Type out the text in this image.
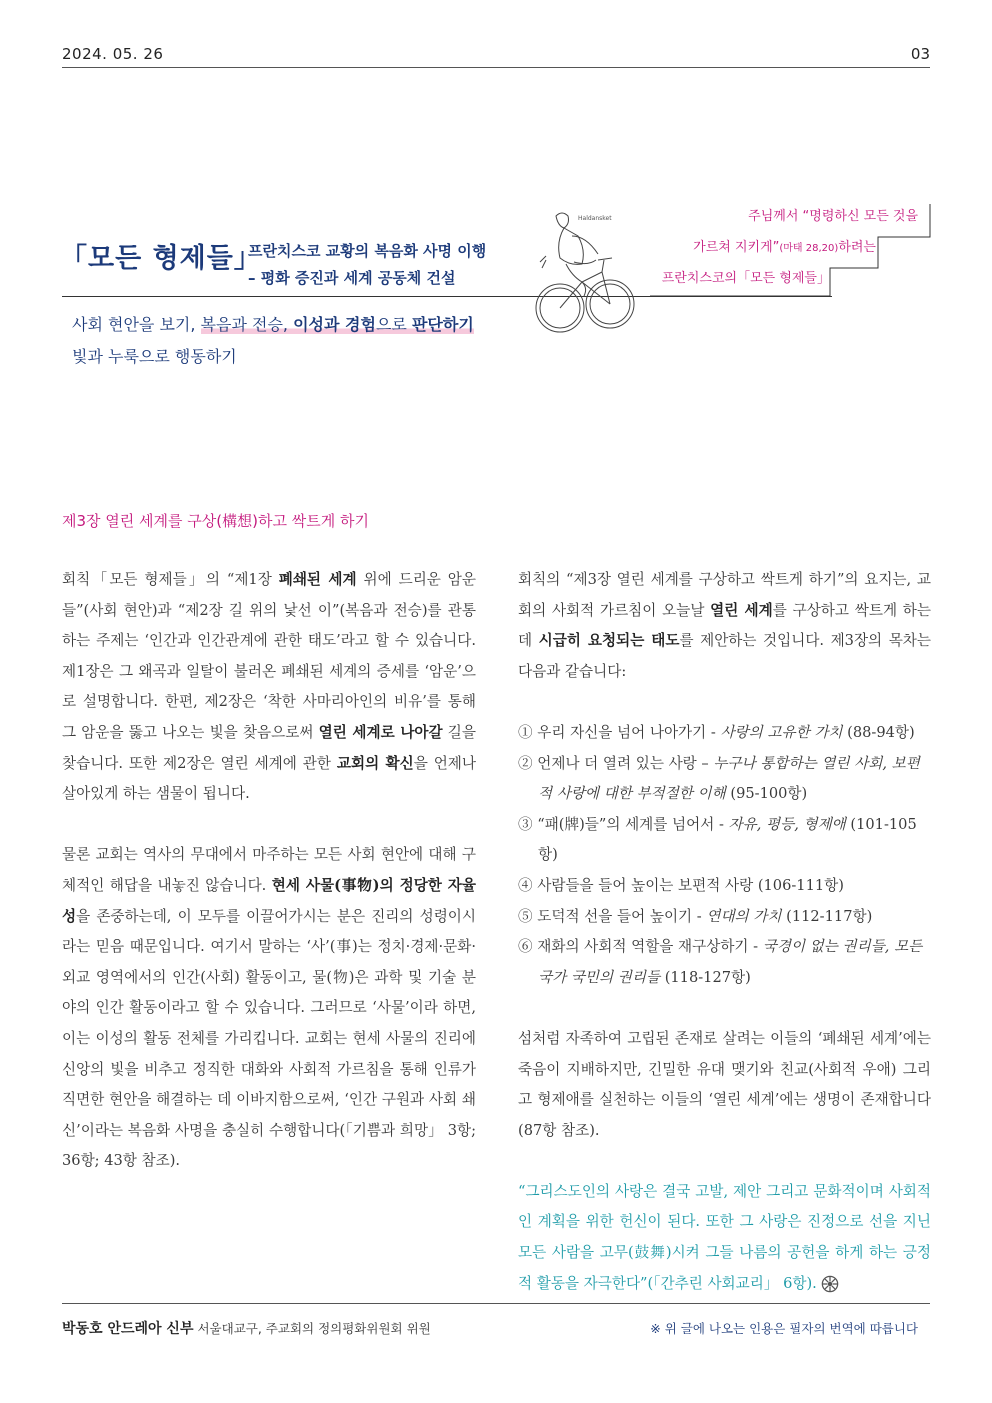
2024. 05. 26	03
「모든 형제들」
프란치스코 교황의 복음화 사명 이행
– 평화 증진과 세계 공동체 건설
사회 현안을 보기, 복음과 전승, 이성과 경험으로 판단하기
빛과 누룩으로 행동하기
주님께서 “명령하신 모든 것을
가르쳐 지키게”(마태 28,20)하려는
프란치스코의「모든 형제들」
Haldansket
제3장 열린 세계를 구상(構想)하고 싹트게 하기

회칙「모든 형제들」의 “제1장 폐쇄된 세계 위에 드리운 암운들”(사회 현안)과 “제2장 길 위의 낯선 이”(복음과 전승)를 관통하는 주제는 ‘인간과 인간관계에 관한 태도’라고 할 수 있습니다. 제1장은 그 왜곡과 일탈이 불러온 폐쇄된 세계의 증세를 ‘암운’으로 설명합니다. 한편, 제2장은 ‘착한 사마리아인의 비유’를 통해 그 암운을 뚫고 나오는 빛을 찾음으로써 열린 세계로 나아갈 길을 찾습니다. 또한 제2장은 열린 세계에 관한 교회의 확신을 언제나 살아있게 하는 샘물이 됩니다.

물론 교회는 역사의 무대에서 마주하는 모든 사회 현안에 대해 구체적인 해답을 내놓진 않습니다. 현세 사물(事物)의 정당한 자율성을 존중하는데, 이 모두를 이끌어가시는 분은 진리의 성령이시라는 믿음 때문입니다. 여기서 말하는 ‘사’(事)는 정치·경제·문화·외교 영역에서의 인간(사회) 활동이고, 물(物)은 과학 및 기술 분야의 인간 활동이라고 할 수 있습니다. 그러므로 ‘사물’이라 하면, 이는 이성의 활동 전체를 가리킵니다. 교회는 현세 사물의 진리에 신앙의 빛을 비추고 정직한 대화와 사회적 가르침을 통해 인류가 직면한 현안을 해결하는 데 이바지함으로써, ‘인간 구원과 사회 쇄신’이라는 복음화 사명을 충실히 수행합니다(「기쁨과 희망」 3항; 36항; 43항 참조).

회칙의 “제3장 열린 세계를 구상하고 싹트게 하기”의 요지는, 교회의 사회적 가르침이 오늘날 열린 세계를 구상하고 싹트게 하는 데 시급히 요청되는 태도를 제안하는 것입니다. 제3장의 목차는 다음과 같습니다:

① 우리 자신을 넘어 나아가기 - 사랑의 고유한 가치 (88-94항)
② 언제나 더 열려 있는 사랑 – 누구나 통합하는 열린 사회, 보편적 사랑에 대한 부적절한 이해 (95-100항)
③ “패(牌)들”의 세계를 넘어서 - 자유, 평등, 형제애 (101-105항)
④ 사람들을 들어 높이는 보편적 사랑 (106-111항)
⑤ 도덕적 선을 들어 높이기 - 연대의 가치 (112-117항)
⑥ 재화의 사회적 역할을 재구상하기 - 국경이 없는 권리들, 모든 국가 국민의 권리들 (118-127항)

섬처럼 자족하여 고립된 존재로 살려는 이들의 ‘폐쇄된 세계’에는 죽음이 지배하지만, 긴밀한 유대 맺기와 친교(사회적 우애) 그리고 형제애를 실천하는 이들의 ‘열린 세계’에는 생명이 존재합니다(87항 참조).

“그리스도인의 사랑은 결국 고발, 제안 그리고 문화적이며 사회적인 계획을 위한 헌신이 된다. 또한 그 사랑은 진정으로 선을 지닌 모든 사람을 고무(鼓舞)시켜 그들 나름의 공헌을 하게 하는 긍정적 활동을 자극한다”(「간추린 사회교리」 6항).

박동호 안드레아 신부 서울대교구, 주교회의 정의평화위원회 위원	※ 위 글에 나오는 인용은 필자의 번역에 따릅니다
